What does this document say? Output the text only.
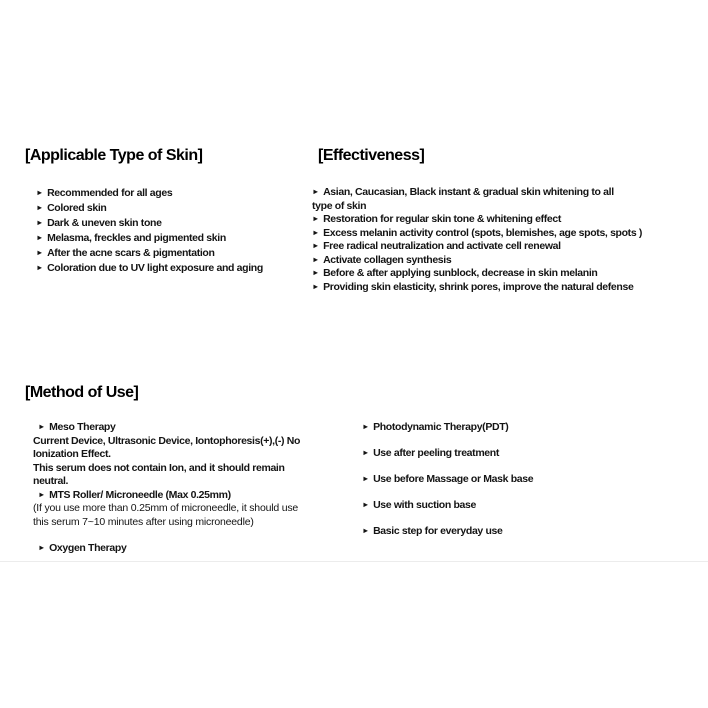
[Applicable Type of Skin]	[Effectiveness]
► Recommended for all ages
► Colored skin
► Dark & uneven skin tone
► Melasma, freckles and pigmented skin
► After the acne scars & pigmentation
► Coloration due to UV light exposure and aging
► Asian, Caucasian, Black instant & gradual skin whitening to all
type of skin
► Restoration for regular skin tone & whitening effect
► Excess melanin activity control (spots, blemishes, age spots, spots )
► Free radical neutralization and activate cell renewal
► Activate collagen synthesis
► Before & after applying sunblock, decrease in skin melanin
► Providing skin elasticity, shrink pores, improve the natural defense
[Method of Use]
► Meso Therapy
Current Device, Ultrasonic Device, Iontophoresis(+),(-) No
Ionization Effect.
This serum does not contain Ion, and it should remain
neutral.
► MTS Roller/ Microneedle (Max 0.25mm)
(If you use more than 0.25mm of microneedle, it should use
this serum 7~10 minutes after using microneedle)
► Oxygen Therapy
► Photodynamic Therapy(PDT)
► Use after peeling treatment
► Use before Massage or Mask base
► Use with suction base
► Basic step for everyday use
